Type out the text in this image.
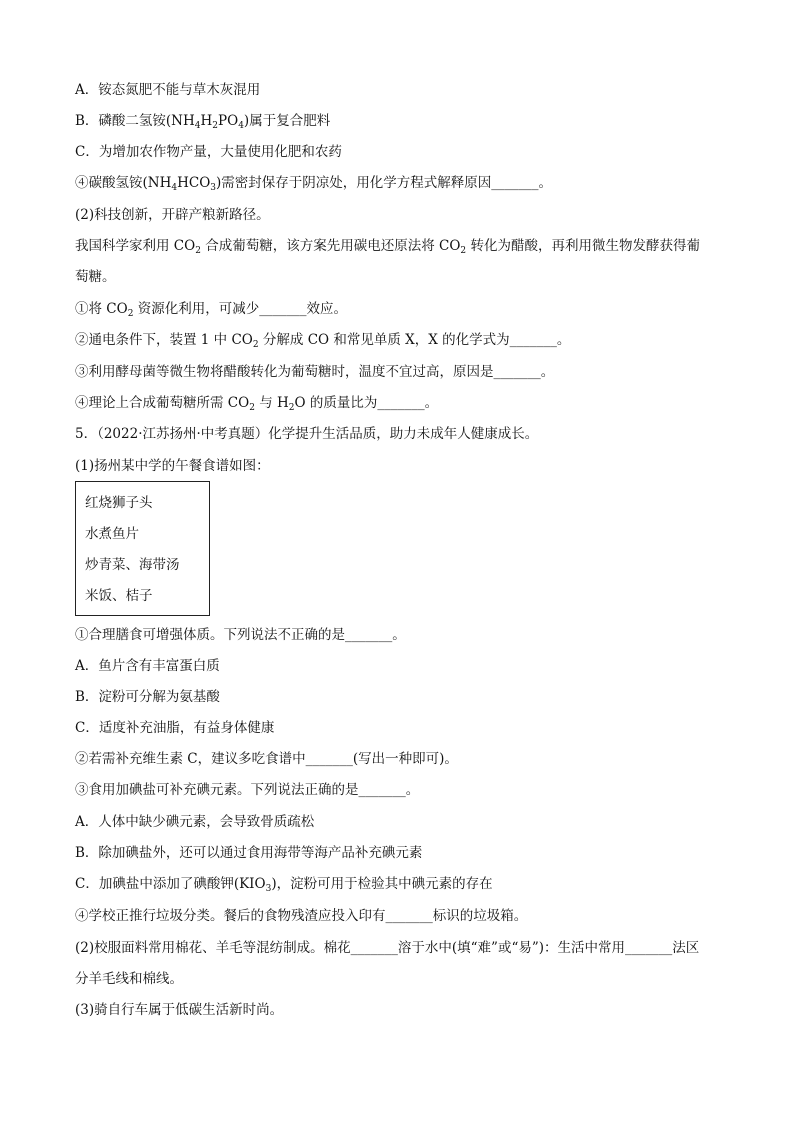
A．铵态氮肥不能与草木灰混用
B．磷酸二氢铵$(NH_4H_2PO_4)$属于复合肥料
C．为增加农作物产量，大量使用化肥和农药
④碳酸氢铵$(NH_4HCO_3)$需密封保存于阴凉处，用化学方程式解释原因_______。
(2)科技创新，开辟产粮新路径。
我国科学家利用 $CO_2$ 合成葡萄糖，该方案先用碳电还原法将 $CO_2$ 转化为醋酸，再利用微生物发酵获得葡
萄糖。
①将 $CO_2$ 资源化利用，可减少_______效应。
②通电条件下，装置 1 中 $CO_2$ 分解成 CO 和常见单质 X，X 的化学式为_______。
③利用酵母菌等微生物将醋酸转化为葡萄糖时，温度不宜过高，原因是_______。
④理论上合成葡萄糖所需 $CO_2$ 与 $H_2O$ 的质量比为_______。
5．（2022·江苏扬州·中考真题）化学提升生活品质，助力未成年人健康成长。
(1)扬州某中学的午餐食谱如图：
红烧狮子头
水煮鱼片
炒青菜、海带汤
米饭、桔子
①合理膳食可增强体质。下列说法不正确的是_______。
A．鱼片含有丰富蛋白质
B．淀粉可分解为氨基酸
C．适度补充油脂，有益身体健康
②若需补充维生素 C，建议多吃食谱中_______(写出一种即可)。
③食用加碘盐可补充碘元素。下列说法正确的是_______。
A．人体中缺少碘元素，会导致骨质疏松
B．除加碘盐外，还可以通过食用海带等海产品补充碘元素
C．加碘盐中添加了碘酸钾$(KIO_3)$，淀粉可用于检验其中碘元素的存在
④学校正推行垃圾分类。餐后的食物残渣应投入印有_______标识的垃圾箱。
(2)校服面料常用棉花、羊毛等混纺制成。棉花_______溶于水中(填“难”或“易”)：生活中常用_______法区
分羊毛线和棉线。
(3)骑自行车属于低碳生活新时尚。
